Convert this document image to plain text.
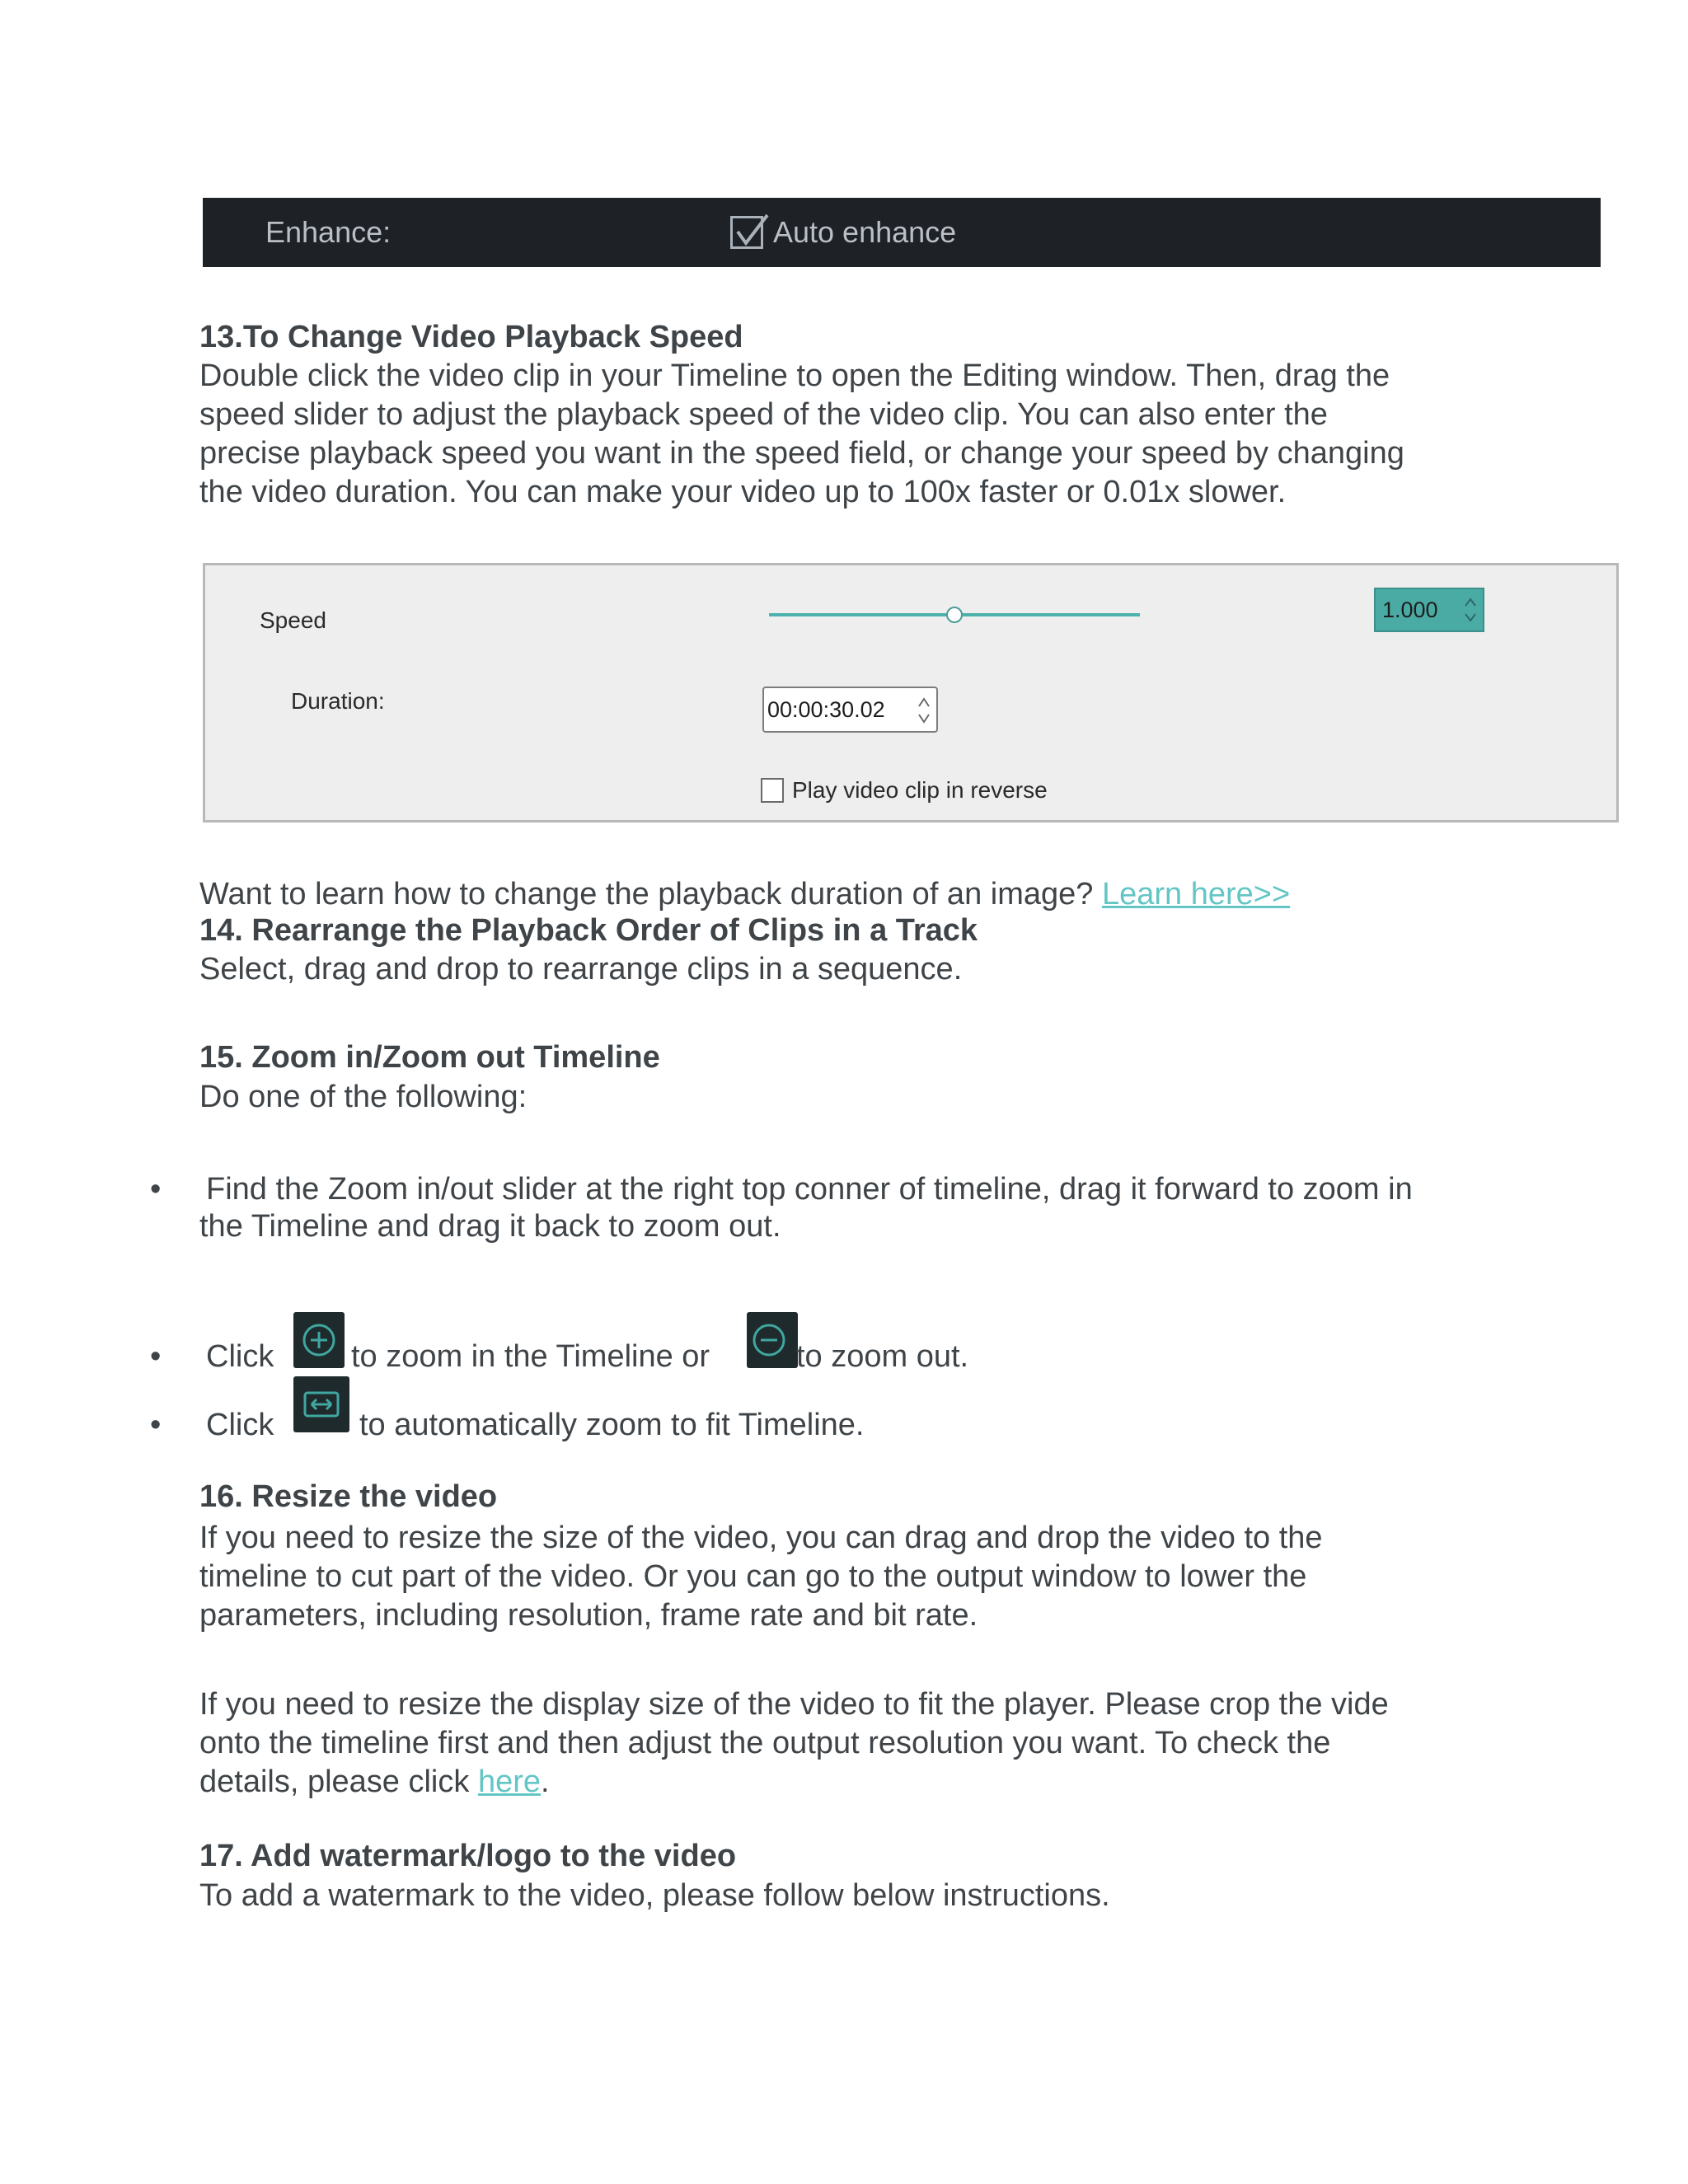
Enhance:	Auto enhance
13.To Change Video Playback Speed
Double click the video clip in your Timeline to open the Editing window. Then, drag the
speed slider to adjust the playback speed of the video clip. You can also enter the
precise playback speed you want in the speed field, or change your speed by changing
the video duration. You can make your video up to 100x faster or 0.01x slower.
Speed	1.000
Duration:	00:00:30.02
Play video clip in reverse
Want to learn how to change the playback duration of an image? Learn here>>
14. Rearrange the Playback Order of Clips in a Track
Select, drag and drop to rearrange clips in a sequence.
15. Zoom in/Zoom out Timeline
Do one of the following:
• Find the Zoom in/out slider at the right top conner of timeline, drag it forward to zoom in
the Timeline and drag it back to zoom out.
• Click to zoom in the Timeline or	to zoom out.
• Click	to automatically zoom to fit Timeline.
16. Resize the video
If you need to resize the size of the video, you can drag and drop the video to the
timeline to cut part of the video. Or you can go to the output window to lower the
parameters, including resolution, frame rate and bit rate.
If you need to resize the display size of the video to fit the player. Please crop the vide
onto the timeline first and then adjust the output resolution you want. To check the
details, please click here.
17. Add watermark/logo to the video
To add a watermark to the video, please follow below instructions.
